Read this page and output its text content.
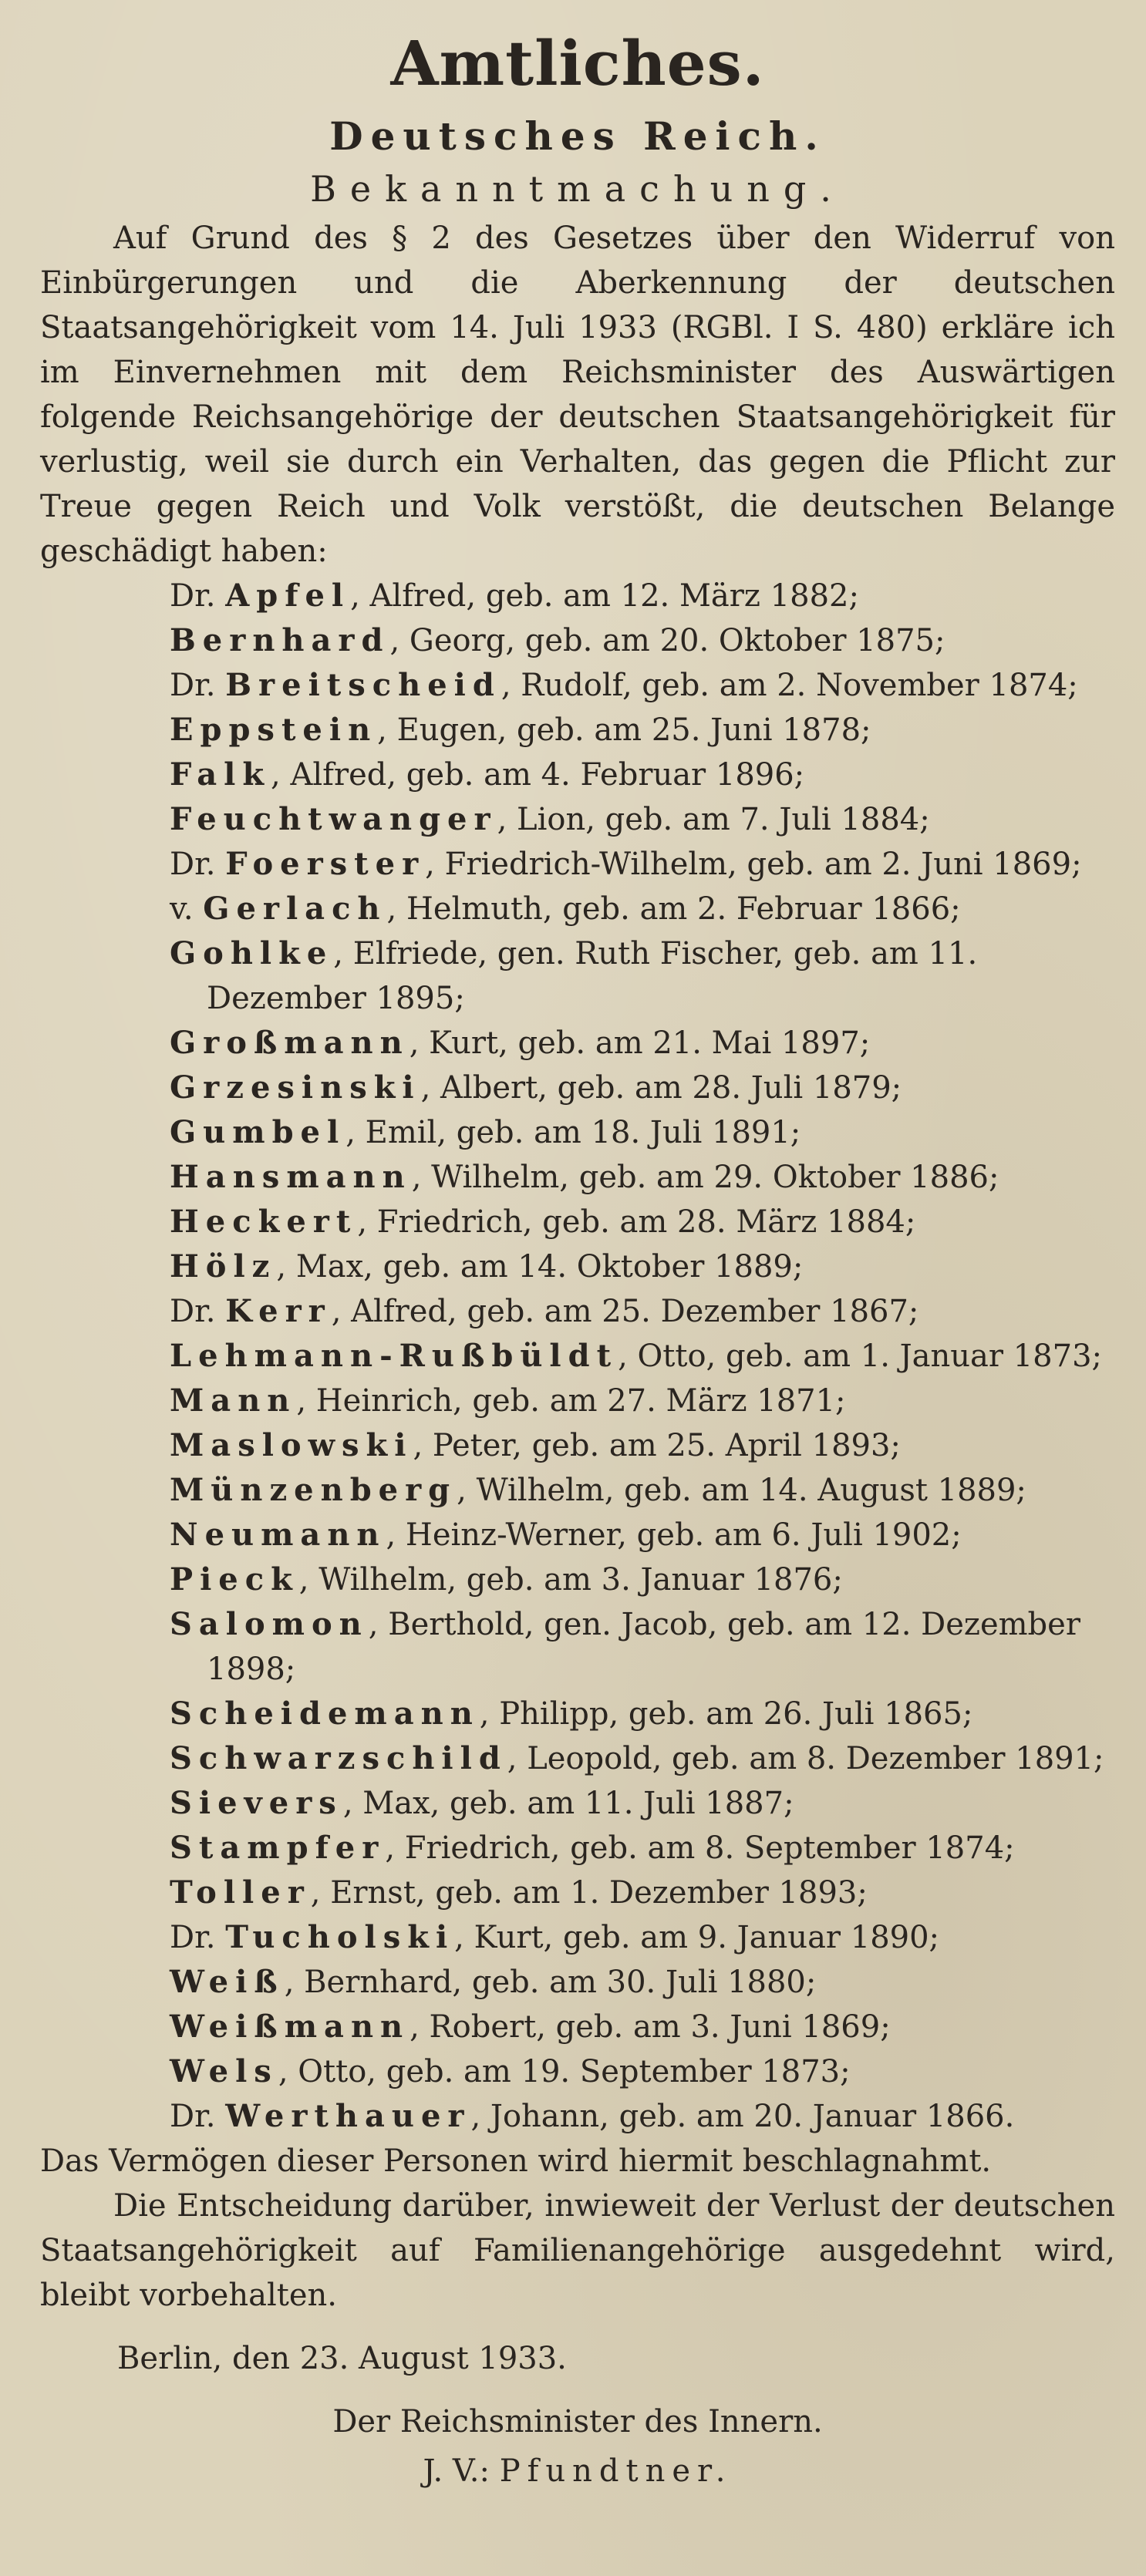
Amtliches.
Deutsches Reich.
Bekanntmachung.

Auf Grund des § 2 des Gesetzes über den Widerruf von Einbürgerungen und die Aberkennung der deutschen Staatsangehörigkeit vom 14. Juli 1933 (RGBl. I S. 480) erkläre ich im Einvernehmen mit dem Reichsminister des Auswärtigen folgende Reichsangehörige der deutschen Staatsangehörigkeit für verlustig, weil sie durch ein Verhalten, das gegen die Pflicht zur Treue gegen Reich und Volk verstößt, die deutschen Belange geschädigt haben:

Dr. Apfel, Alfred, geb. am 12. März 1882;
Bernhard, Georg, geb. am 20. Oktober 1875;
Dr. Breitscheid, Rudolf, geb. am 2. November 1874;
Eppstein, Eugen, geb. am 25. Juni 1878;
Falk, Alfred, geb. am 4. Februar 1896;
Feuchtwanger, Lion, geb. am 7. Juli 1884;
Dr. Foerster, Friedrich-Wilhelm, geb. am 2. Juni 1869;
v. Gerlach, Helmuth, geb. am 2. Februar 1866;
Gohlke, Elfriede, gen. Ruth Fischer, geb. am 11. Dezember 1895;
Großmann, Kurt, geb. am 21. Mai 1897;
Grzesinski, Albert, geb. am 28. Juli 1879;
Gumbel, Emil, geb. am 18. Juli 1891;
Hansmann, Wilhelm, geb. am 29. Oktober 1886;
Heckert, Friedrich, geb. am 28. März 1884;
Hölz, Max, geb. am 14. Oktober 1889;
Dr. Kerr, Alfred, geb. am 25. Dezember 1867;
Lehmann-Rußbüldt, Otto, geb. am 1. Januar 1873;
Mann, Heinrich, geb. am 27. März 1871;
Maslowski, Peter, geb. am 25. April 1893;
Münzenberg, Wilhelm, geb. am 14. August 1889;
Neumann, Heinz-Werner, geb. am 6. Juli 1902;
Pieck, Wilhelm, geb. am 3. Januar 1876;
Salomon, Berthold, gen. Jacob, geb. am 12. Dezember 1898;
Scheidemann, Philipp, geb. am 26. Juli 1865;
Schwarzschild, Leopold, geb. am 8. Dezember 1891;
Sievers, Max, geb. am 11. Juli 1887;
Stampfer, Friedrich, geb. am 8. September 1874;
Toller, Ernst, geb. am 1. Dezember 1893;
Dr. Tucholski, Kurt, geb. am 9. Januar 1890;
Weiß, Bernhard, geb. am 30. Juli 1880;
Weißmann, Robert, geb. am 3. Juni 1869;
Wels, Otto, geb. am 19. September 1873;
Dr. Werthauer, Johann, geb. am 20. Januar 1866.

Das Vermögen dieser Personen wird hiermit beschlagnahmt.

Die Entscheidung darüber, inwieweit der Verlust der deutschen Staatsangehörigkeit auf Familienangehörige ausgedehnt wird, bleibt vorbehalten.

Berlin, den 23. August 1933.
Der Reichsminister des Innern.
J. V.: Pfundtner.
